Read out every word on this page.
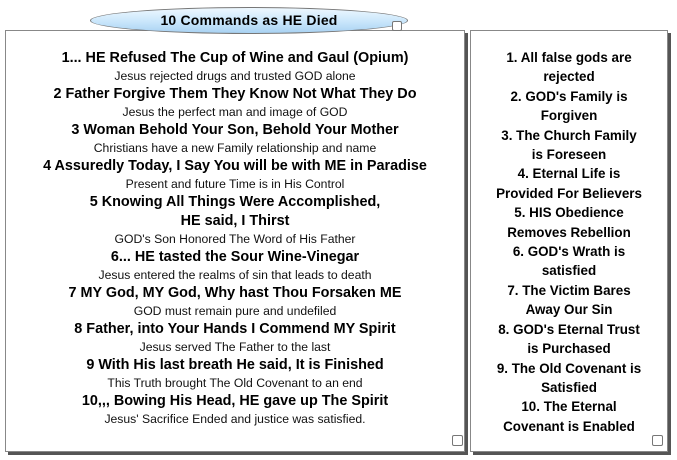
1... HE Refused The Cup of Wine and Gaul (Opium)
Jesus rejected drugs and trusted GOD alone
2 Father Forgive Them They Know Not What They Do
Jesus the perfect man and image of GOD
3 Woman Behold Your Son, Behold Your Mother
Christians have a new Family relationship and name
4 Assuredly Today, I Say You will be with ME in Paradise
Present and future Time is in His Control
5 Knowing All Things Were Accomplished,
HE said, I Thirst
GOD's Son Honored The Word of His Father
6... HE tasted the Sour Wine-Vinegar
Jesus entered the realms of sin that leads to death
7 MY God, MY God, Why hast Thou Forsaken ME
GOD must remain pure and undefiled
8 Father, into Your Hands I Commend MY Spirit
Jesus served The Father to the last
9 With His last breath He said, It is Finished
This Truth brought The Old Covenant to an end
10,,, Bowing His Head, HE gave up The Spirit
Jesus' Sacrifice Ended and justice was satisfied.
1. All false gods are
rejected
2. GOD's Family is
Forgiven
3. The Church Family
is Foreseen
4. Eternal Life is
Provided For Believers
5. HIS Obedience
Removes Rebellion
6. GOD's Wrath is
satisfied
7. The Victim Bares
Away Our Sin
8. GOD's Eternal Trust
is Purchased
9. The Old Covenant is
Satisfied
10. The Eternal
Covenant is Enabled
10 Commands as HE Died
